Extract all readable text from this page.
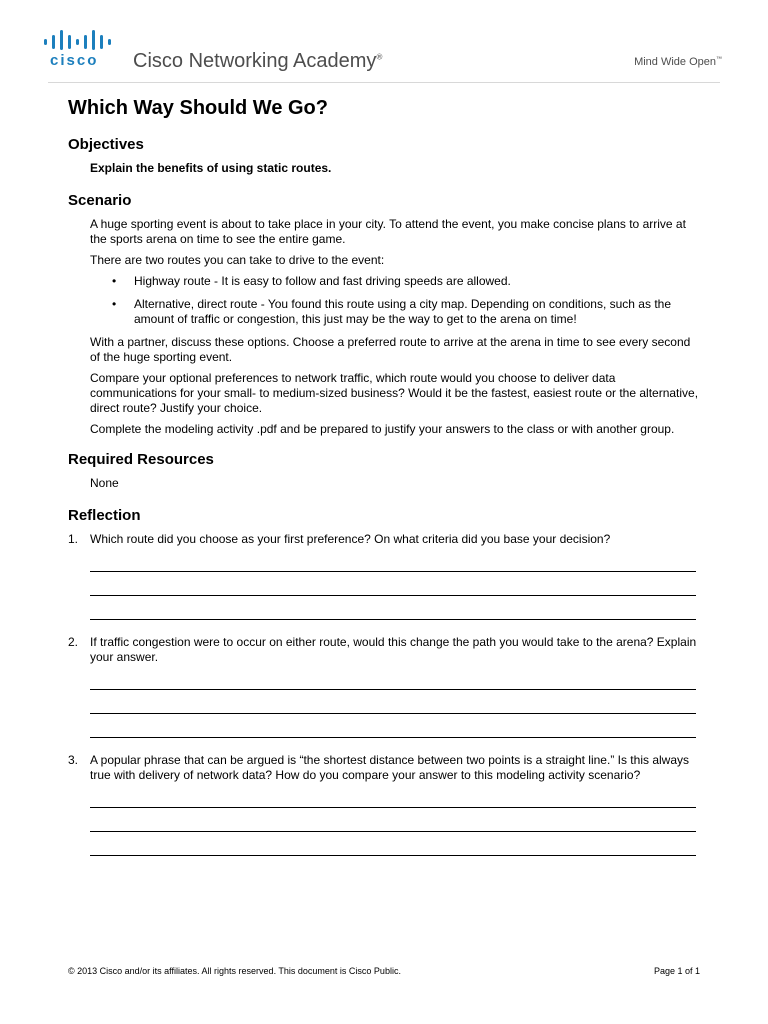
cisco Cisco Networking Academy®	Mind Wide Open™
Which Way Should We Go?
Objectives

Explain the benefits of using static routes.

Scenario

A huge sporting event is about to take place in your city. To attend the event, you make concise plans to arrive at the sports arena on time to see the entire game.

There are two routes you can take to drive to the event:

• Highway route - It is easy to follow and fast driving speeds are allowed.
• Alternative, direct route - You found this route using a city map. Depending on conditions, such as the amount of traffic or congestion, this just may be the way to get to the arena on time!

With a partner, discuss these options. Choose a preferred route to arrive at the arena in time to see every second of the huge sporting event.

Compare your optional preferences to network traffic, which route would you choose to deliver data communications for your small- to medium-sized business? Would it be the fastest, easiest route or the alternative, direct route? Justify your choice.

Complete the modeling activity .pdf and be prepared to justify your answers to the class or with another group.

Required Resources

None

Reflection
1. Which route did you choose as your first preference? On what criteria did you base your decision?
2. If traffic congestion were to occur on either route, would this change the path you would take to the arena? Explain your answer.
3. A popular phrase that can be argued is “the shortest distance between two points is a straight line.” Is this always true with delivery of network data? How do you compare your answer to this modeling activity scenario?
© 2013 Cisco and/or its affiliates. All rights reserved. This document is Cisco Public.	Page 1 of 1
